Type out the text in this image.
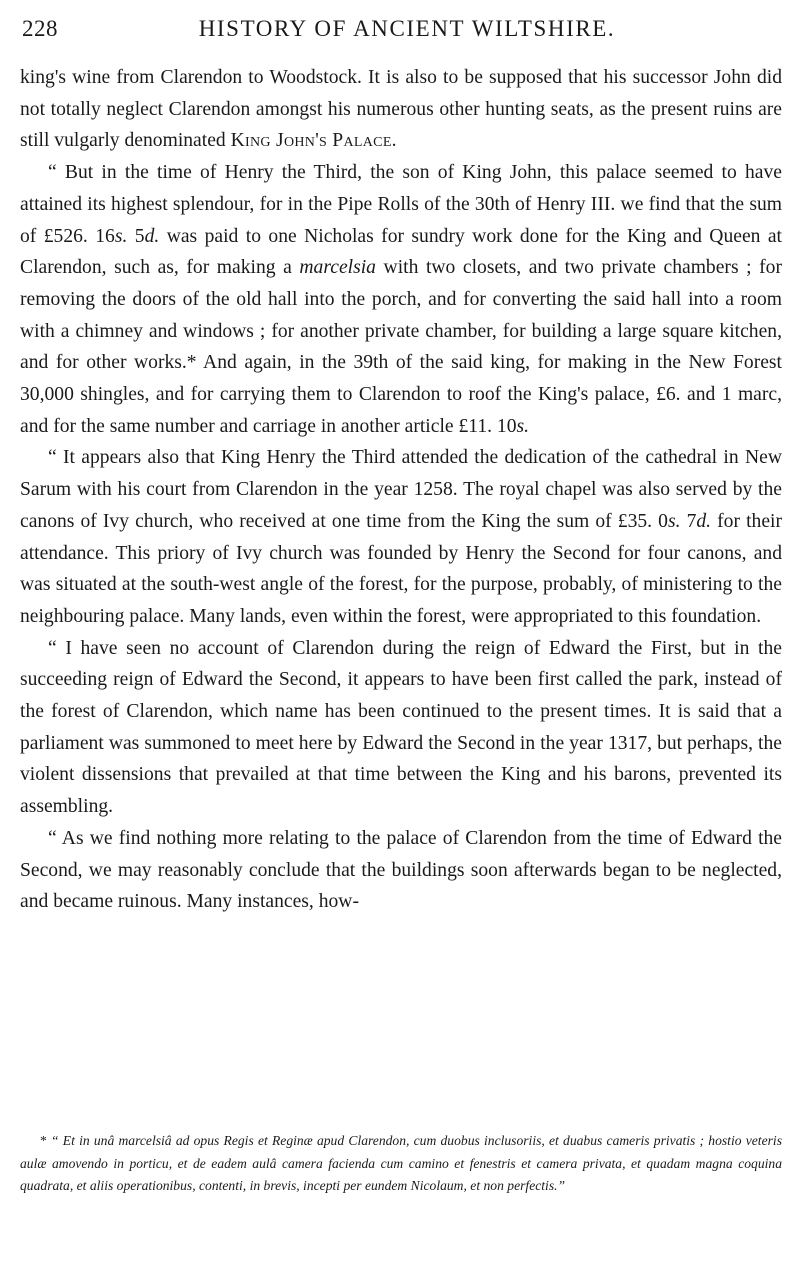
228	HISTORY OF ANCIENT WILTSHIRE.

king's wine from Clarendon to Woodstock. It is also to be supposed that his successor John did not totally neglect Clarendon amongst his numerous other hunting seats, as the present ruins are still vulgarly denominated King John's Palace.

“ But in the time of Henry the Third, the son of King John, this palace seemed to have attained its highest splendour, for in the Pipe Rolls of the 30th of Henry III. we find that the sum of £526. 16s. 5d. was paid to one Nicholas for sundry work done for the King and Queen at Clarendon, such as, for making a marcelsia with two closets, and two private chambers ; for removing the doors of the old hall into the porch, and for converting the said hall into a room with a chimney and windows ; for another private chamber, for building a large square kitchen, and for other works.* And again, in the 39th of the said king, for making in the New Forest 30,000 shingles, and for carrying them to Clarendon to roof the King's palace, £6. and 1 marc, and for the same number and carriage in another article £11. 10s.

“ It appears also that King Henry the Third attended the dedication of the cathedral in New Sarum with his court from Clarendon in the year 1258. The royal chapel was also served by the canons of Ivy church, who received at one time from the King the sum of £35. 0s. 7d. for their attendance. This priory of Ivy church was founded by Henry the Second for four canons, and was situated at the south-west angle of the forest, for the purpose, probably, of ministering to the neighbouring palace. Many lands, even within the forest, were appropriated to this foundation.

“ I have seen no account of Clarendon during the reign of Edward the First, but in the succeeding reign of Edward the Second, it appears to have been first called the park, instead of the forest of Clarendon, which name has been continued to the present times. It is said that a parliament was summoned to meet here by Edward the Second in the year 1317, but perhaps, the violent dissensions that prevailed at that time between the King and his barons, prevented its assembling.

“ As we find nothing more relating to the palace of Clarendon from the time of Edward the Second, we may reasonably conclude that the buildings soon afterwards began to be neglected, and became ruinous. Many instances, how-

* “ Et in unâ marcelsiâ ad opus Regis et Reginæ apud Clarendon, cum duobus inclusoriis, et duabus cameris privatis ; hostio veteris aulæ amovendo in porticu, et de eadem aulâ camera facienda cum camino et fenestris et camera privata, et quadam magna coquina quadrata, et aliis operationibus, contenti, in brevis, incepti per eundem Nicolaum, et non perfectis.”
